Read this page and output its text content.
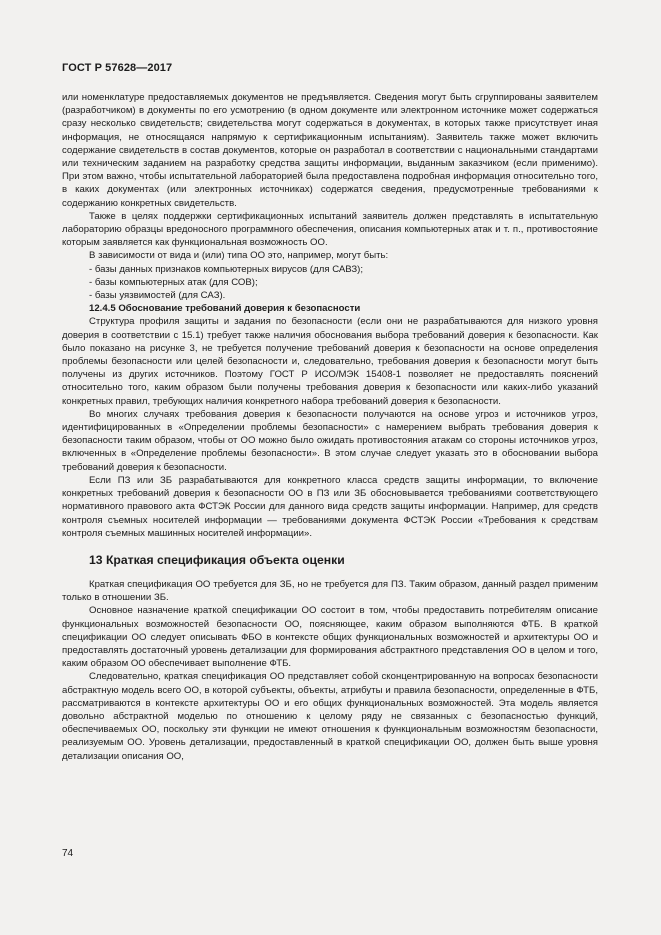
ГОСТ Р 57628—2017

или номенклатуре предоставляемых документов не предъявляется. Сведения могут быть сгруппированы заявителем (разработчиком) в документы по его усмотрению (в одном документе или электронном источнике может содержаться сразу несколько свидетельств; свидетельства могут содержаться в документах, в которых также присутствует иная информация, не относящаяся напрямую к сертификационным испытаниям). Заявитель также может включить содержание свидетельств в состав документов, которые он разработал в соответствии с национальными стандартами или техническим заданием на разработку средства защиты информации, выданным заказчиком (если применимо). При этом важно, чтобы испытательной лабораторией была предоставлена подробная информация относительно того, в каких документах (или электронных источниках) содержатся сведения, предусмотренные требованиями к содержанию конкретных свидетельств.

Также в целях поддержки сертификационных испытаний заявитель должен представлять в испытательную лабораторию образцы вредоносного программного обеспечения, описания компьютерных атак и т. п., противостояние которым заявляется как функциональная возможность ОО.

В зависимости от вида и (или) типа ОО это, например, могут быть:

- базы данных признаков компьютерных вирусов (для САВЗ);

- базы компьютерных атак (для СОВ);

- базы уязвимостей (для САЗ).

12.4.5 Обоснование требований доверия к безопасности

Структура профиля защиты и задания по безопасности (если они не разрабатываются для низкого уровня доверия в соответствии с 15.1) требует также наличия обоснования выбора требований доверия к безопасности. Как было показано на рисунке 3, не требуется получение требований доверия к безопасности на основе определения проблемы безопасности или целей безопасности и, следовательно, требования доверия к безопасности могут быть получены из других источников. Поэтому ГОСТ Р ИСО/МЭК 15408-1 позволяет не предоставлять пояснений относительно того, каким образом были получены требования доверия к безопасности или каких-либо указаний конкретных правил, требующих наличия конкретного набора требований доверия к безопасности.

Во многих случаях требования доверия к безопасности получаются на основе угроз и источников угроз, идентифицированных в «Определении проблемы безопасности» с намерением выбрать требования доверия к безопасности таким образом, чтобы от ОО можно было ожидать противостояния атакам со стороны источников угроз, включенных в «Определение проблемы безопасности». В этом случае следует указать это в обосновании выбора требований доверия к безопасности.

Если ПЗ или ЗБ разрабатываются для конкретного класса средств защиты информации, то включение конкретных требований доверия к безопасности ОО в ПЗ или ЗБ обосновывается требованиями соответствующего нормативного правового акта ФСТЭК России для данного вида средств защиты информации. Например, для средств контроля съемных носителей информации — требованиями документа ФСТЭК России «Требования к средствам контроля съемных машинных носителей информации».

13 Краткая спецификация объекта оценки

Краткая спецификация ОО требуется для ЗБ, но не требуется для ПЗ. Таким образом, данный раздел применим только в отношении ЗБ.

Основное назначение краткой спецификации ОО состоит в том, чтобы предоставить потребителям описание функциональных возможностей безопасности ОО, поясняющее, каким образом выполняются ФТБ. В краткой спецификации ОО следует описывать ФБО в контексте общих функциональных возможностей и архитектуры ОО и предоставлять достаточный уровень детализации для формирования абстрактного представления ОО в целом и того, каким образом ОО обеспечивает выполнение ФТБ.

Следовательно, краткая спецификация ОО представляет собой сконцентрированную на вопросах безопасности абстрактную модель всего ОО, в которой субъекты, объекты, атрибуты и правила безопасности, определенные в ФТБ, рассматриваются в контексте архитектуры ОО и его общих функциональных возможностей. Эта модель является довольно абстрактной моделью по отношению к целому ряду не связанных с безопасностью функций, обеспечиваемых ОО, поскольку эти функции не имеют отношения к функциональным возможностям безопасности, реализуемым ОО. Уровень детализации, предоставленный в краткой спецификации ОО, должен быть выше уровня детализации описания ОО,

74
